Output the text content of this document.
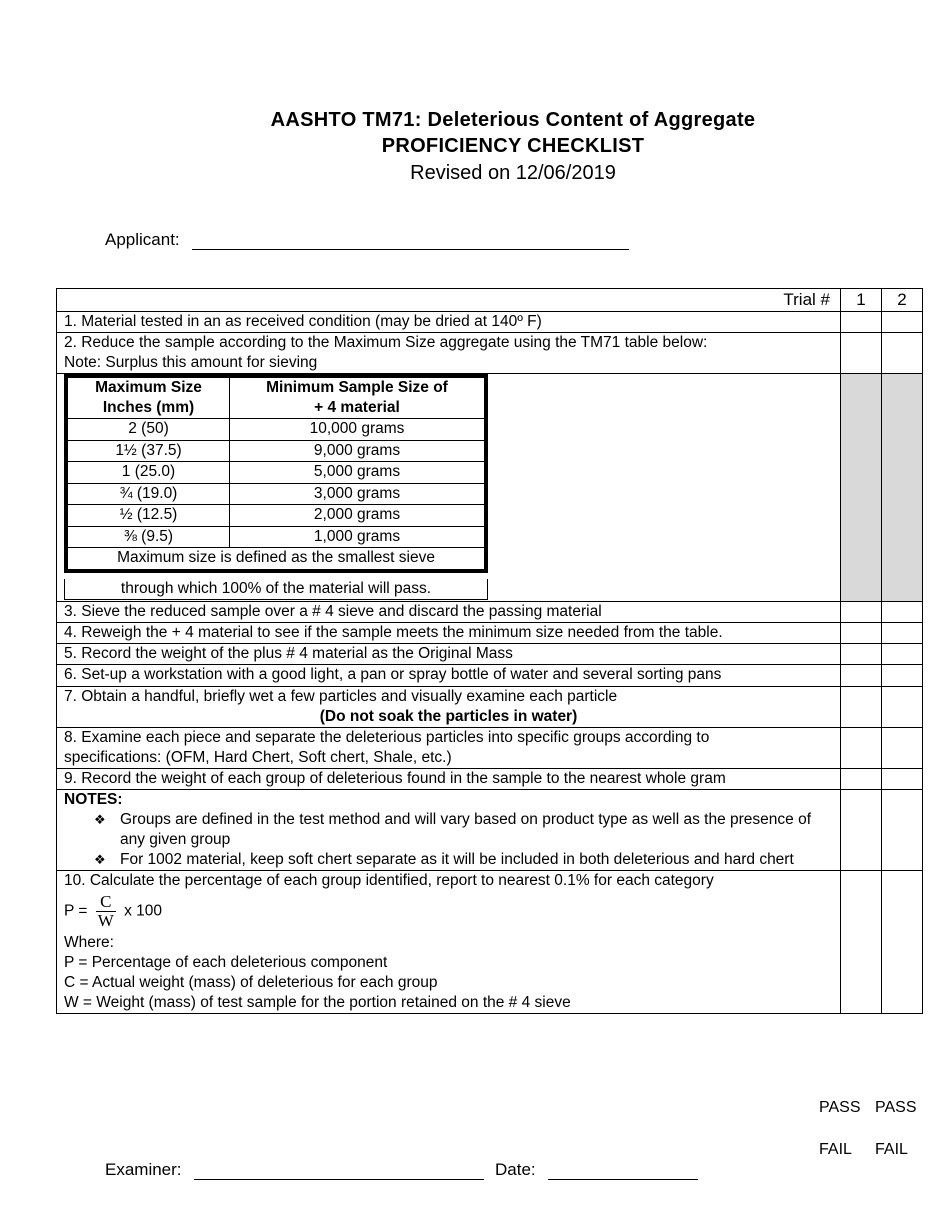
AASHTO TM71: Deleterious Content of Aggregate
PROFICIENCY CHECKLIST
Revised on 12/06/2019
Applicant:
Trial #	1	2
1. Material tested in an as received condition (may be dried at 140º F)		

2. Reduce the sample according to the Maximum Size aggregate using the TM71 table below:
Note: Surplus this amount for sieving

Maximum Size
Inches (mm)

Minimum Sample Size of
+ 4 material

2 (50)	10,000 grams
1½ (37.5)	9,000 grams
1 (25.0)	5,000 grams
¾ (19.0)	3,000 grams
½ (12.5)	2,000 grams
⅜ (9.5)	1,000 grams
Maximum size is defined as the smallest sieve
through which 100% of the material will pass.

3. Sieve the reduced sample over a # 4 sieve and discard the passing material		
4. Reweigh the + 4 material to see if the sample meets the minimum size needed from the table.		
5. Record the weight of the plus # 4 material as the Original Mass		
6. Set-up a workstation with a good light, a pan or spray bottle of water and several sorting pans		

7. Obtain a handful, briefly wet a few particles and visually examine each particle
(Do not soak the particles in water)

8. Examine each piece and separate the deleterious particles into specific groups according to
specifications: (OFM, Hard Chert, Soft chert, Shale, etc.)

9. Record the weight of each group of deleterious found in the sample to the nearest whole gram		

NOTES:
❖ Groups are defined in the test method and will vary based on product type as well as the presence of any given group
❖ For 1002 material, keep soft chert separate as it will be included in both deleterious and hard chert

10. Calculate the percentage of each group identified, report to nearest 0.1% for each category
$P = \frac{C}{W}$ x 100
Where:
P = Percentage of each deleterious component
C = Actual weight (mass) of deleterious for each group
W = Weight (mass) of test sample for the portion retained on the # 4 sieve

PASS PASS
FAIL FAIL
Examiner:	Date:
